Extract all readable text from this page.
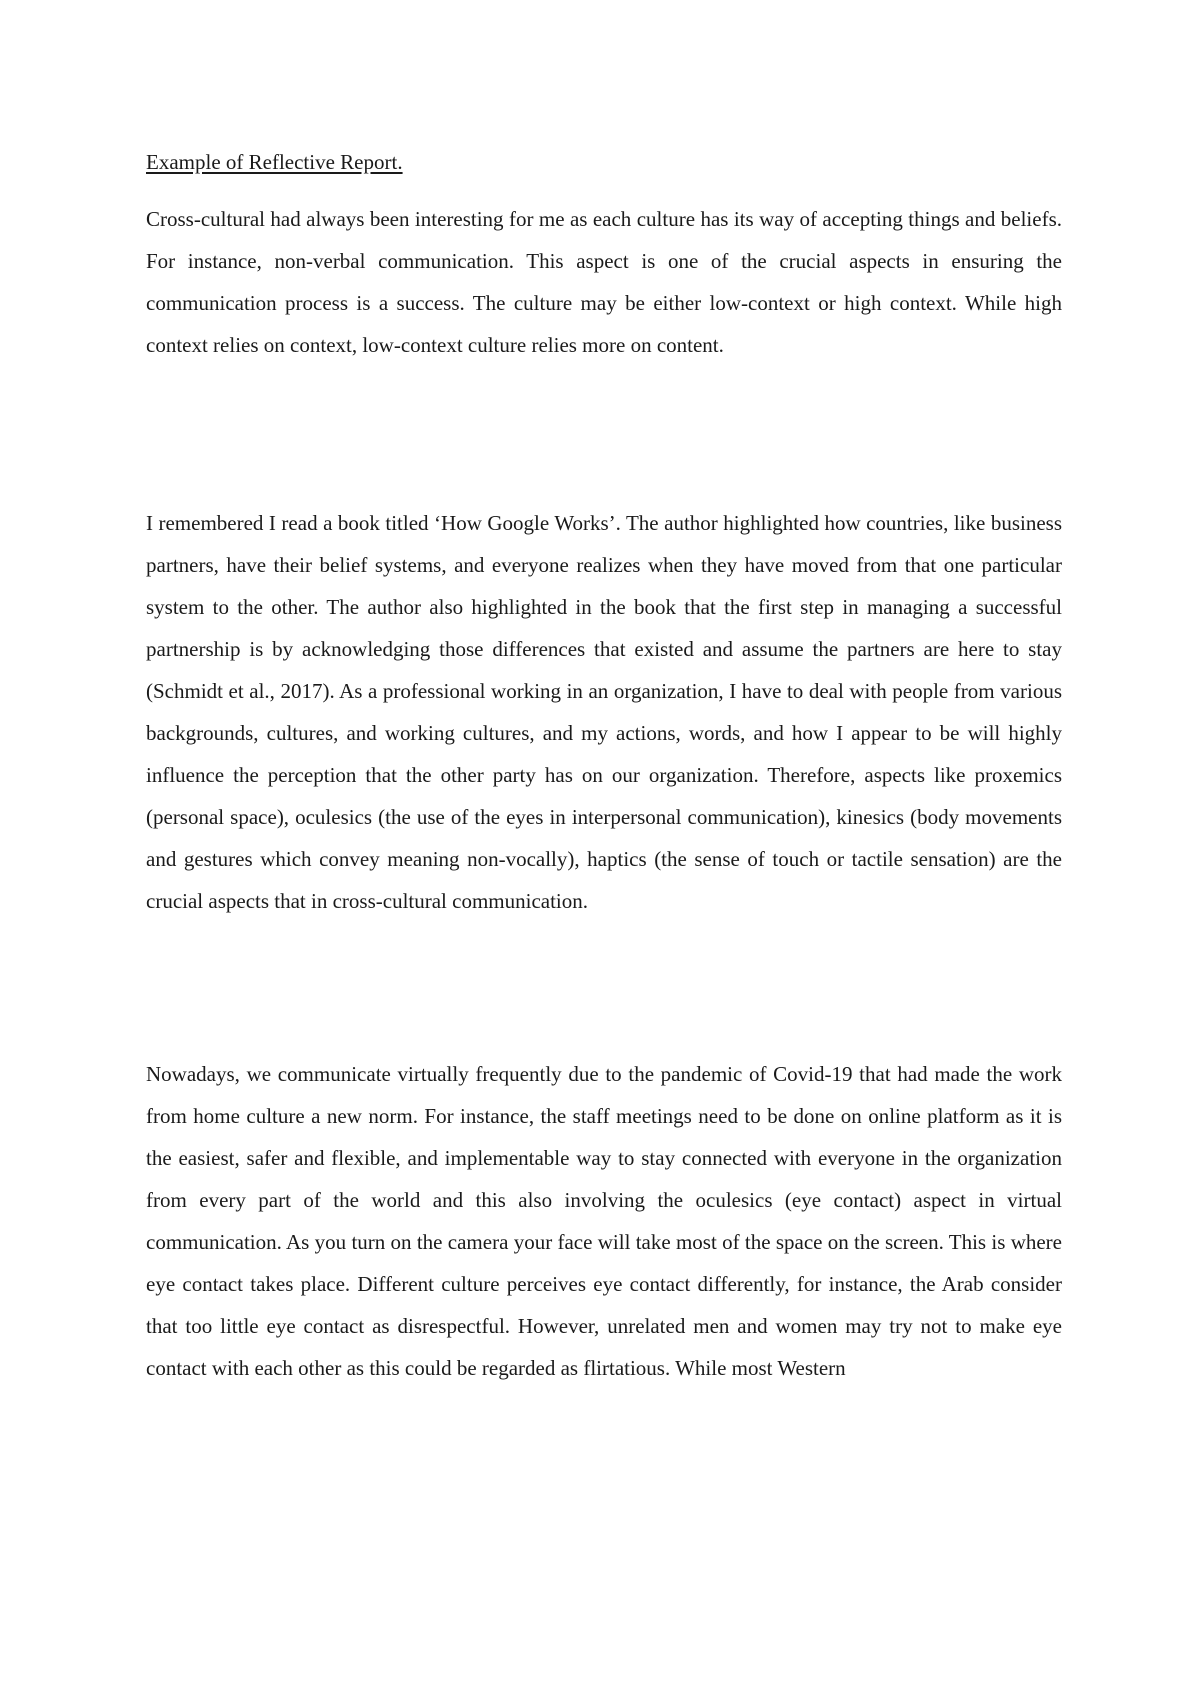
Example of Reflective Report.

Cross-cultural had always been interesting for me as each culture has its way of accepting things and beliefs. For instance, non-verbal communication. This aspect is one of the crucial aspects in ensuring the communication process is a success. The culture may be either low-context or high context. While high context relies on context, low-context culture relies more on content.

I remembered I read a book titled ‘How Google Works’. The author highlighted how countries, like business partners, have their belief systems, and everyone realizes when they have moved from that one particular system to the other. The author also highlighted in the book that the first step in managing a successful partnership is by acknowledging those differences that existed and assume the partners are here to stay (Schmidt et al., 2017). As a professional working in an organization, I have to deal with people from various backgrounds, cultures, and working cultures, and my actions, words, and how I appear to be will highly influence the perception that the other party has on our organization. Therefore, aspects like proxemics (personal space), oculesics (the use of the eyes in interpersonal communication), kinesics (body movements and gestures which convey meaning non-vocally), haptics (the sense of touch or tactile sensation) are the crucial aspects that in cross-cultural communication.

Nowadays, we communicate virtually frequently due to the pandemic of Covid-19 that had made the work from home culture a new norm. For instance, the staff meetings need to be done on online platform as it is the easiest, safer and flexible, and implementable way to stay connected with everyone in the organization from every part of the world and this also involving the oculesics (eye contact) aspect in virtual communication. As you turn on the camera your face will take most of the space on the screen. This is where eye contact takes place. Different culture perceives eye contact differently, for instance, the Arab consider that too little eye contact as disrespectful. However, unrelated men and women may try not to make eye contact with each other as this could be regarded as flirtatious. While most Western
